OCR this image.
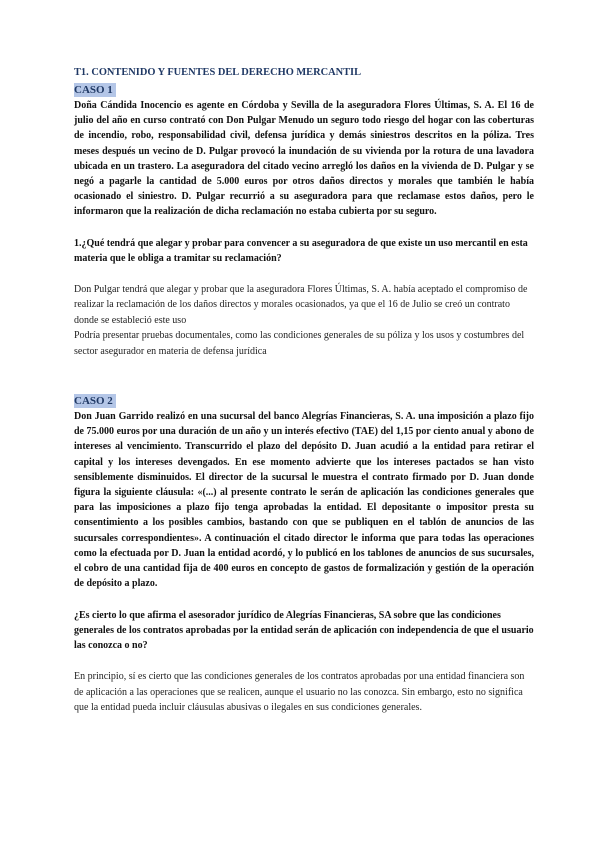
T1. CONTENIDO Y FUENTES DEL DERECHO MERCANTIL
CASO 1

Doña Cándida Inocencio es agente en Córdoba y Sevilla de la aseguradora Flores Últimas, S. A. El 16 de julio del año en curso contrató con Don Pulgar Menudo un seguro todo riesgo del hogar con las coberturas de incendio, robo, responsabilidad civil, defensa jurídica y demás siniestros descritos en la póliza. Tres meses después un vecino de D. Pulgar provocó la inundación de su vivienda por la rotura de una lavadora ubicada en un trastero. La aseguradora del citado vecino arregló los daños en la vivienda de D. Pulgar y se negó a pagarle la cantidad de 5.000 euros por otros daños directos y morales que también le había ocasionado el siniestro. D. Pulgar recurrió a su aseguradora para que reclamase estos daños, pero le informaron que la realización de dicha reclamación no estaba cubierta por su seguro.

1.¿Qué tendrá que alegar y probar para convencer a su aseguradora de que existe un uso mercantil en esta materia que le obliga a tramitar su reclamación?

Don Pulgar tendrá que alegar y probar que la aseguradora Flores Últimas, S. A. había aceptado el compromiso de realizar la reclamación de los daños directos y morales ocasionados, ya que el 16 de Julio se creó un contrato donde se estableció este uso

Podría presentar pruebas documentales, como las condiciones generales de su póliza y los usos y costumbres del sector asegurador en materia de defensa jurídica

CASO 2

Don Juan Garrido realizó en una sucursal del banco Alegrías Financieras, S. A. una imposición a plazo fijo de 75.000 euros por una duración de un año y un interés efectivo (TAE) del 1,15 por ciento anual y abono de intereses al vencimiento. Transcurrido el plazo del depósito D. Juan acudió a la entidad para retirar el capital y los intereses devengados. En ese momento advierte que los intereses pactados se han visto sensiblemente disminuidos. El director de la sucursal le muestra el contrato firmado por D. Juan donde figura la siguiente cláusula: «(...) al presente contrato le serán de aplicación las condiciones generales que para las imposiciones a plazo fijo tenga aprobadas la entidad. El depositante o impositor presta su consentimiento a los posibles cambios, bastando con que se publiquen en el tablón de anuncios de las sucursales correspondientes». A continuación el citado director le informa que para todas las operaciones como la efectuada por D. Juan la entidad acordó, y lo publicó en los tablones de anuncios de sus sucursales, el cobro de una cantidad fija de 400 euros en concepto de gastos de formalización y gestión de la operación de depósito a plazo.

¿Es cierto lo que afirma el asesorador jurídico de Alegrías Financieras, SA sobre que las condiciones generales de los contratos aprobadas por la entidad serán de aplicación con independencia de que el usuario las conozca o no?

En principio, sí es cierto que las condiciones generales de los contratos aprobadas por una entidad financiera son de aplicación a las operaciones que se realicen, aunque el usuario no las conozca. Sin embargo, esto no significa que la entidad pueda incluir cláusulas abusivas o ilegales en sus condiciones generales.
